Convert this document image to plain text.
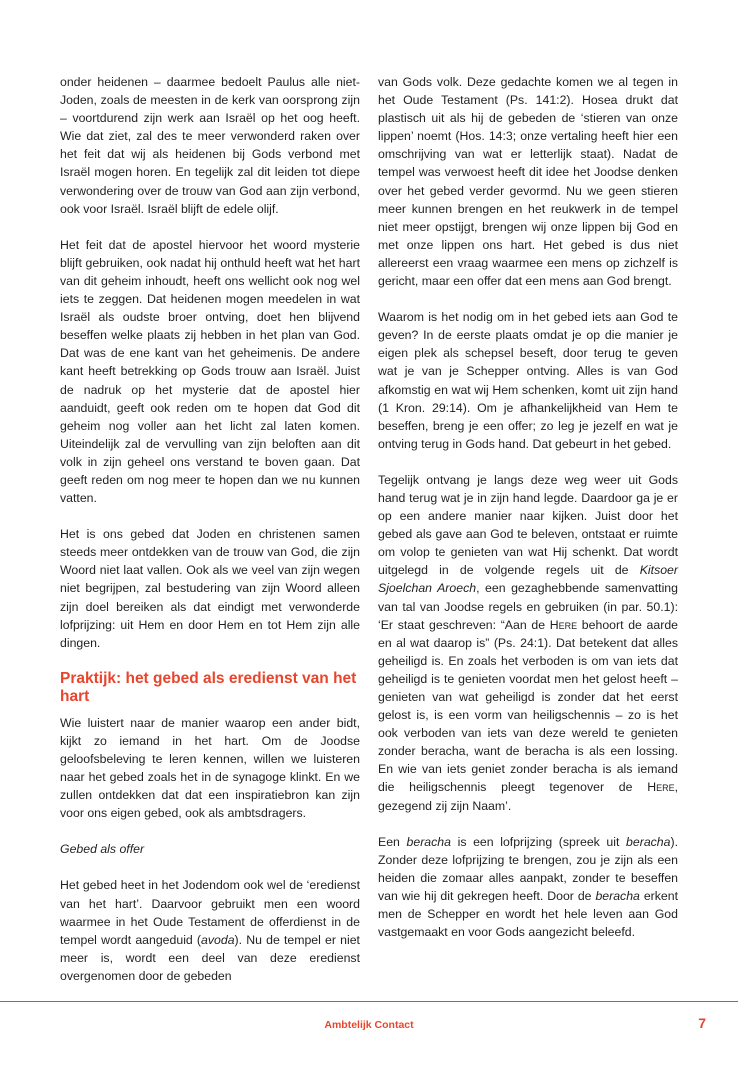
onder heidenen – daarmee bedoelt Paulus alle niet-Joden, zoals de meesten in de kerk van oorsprong zijn – voortdurend zijn werk aan Israël op het oog heeft. Wie dat ziet, zal des te meer verwonderd raken over het feit dat wij als heidenen bij Gods verbond met Israël mogen horen. En tegelijk zal dit leiden tot diepe verwondering over de trouw van God aan zijn verbond, ook voor Israël. Israël blijft de edele olijf.

Het feit dat de apostel hiervoor het woord mysterie blijft gebruiken, ook nadat hij onthuld heeft wat het hart van dit geheim inhoudt, heeft ons wellicht ook nog wel iets te zeggen. Dat heidenen mogen meedelen in wat Israël als oudste broer ontving, doet hen blijvend beseffen welke plaats zij hebben in het plan van God. Dat was de ene kant van het geheimenis. De andere kant heeft betrekking op Gods trouw aan Israël. Juist de nadruk op het mysterie dat de apostel hier aanduidt, geeft ook reden om te hopen dat God dit geheim nog voller aan het licht zal laten komen. Uiteindelijk zal de vervulling van zijn beloften aan dit volk in zijn geheel ons verstand te boven gaan. Dat geeft reden om nog meer te hopen dan we nu kunnen vatten.

Het is ons gebed dat Joden en christenen samen steeds meer ontdekken van de trouw van God, die zijn Woord niet laat vallen. Ook als we veel van zijn wegen niet begrijpen, zal bestudering van zijn Woord alleen zijn doel bereiken als dat eindigt met verwonderde lofprijzing: uit Hem en door Hem en tot Hem zijn alle dingen.

Praktijk: het gebed als eredienst van het hart

Wie luistert naar de manier waarop een ander bidt, kijkt zo iemand in het hart. Om de Joodse geloofsbeleving te leren kennen, willen we luisteren naar het gebed zoals het in de synagoge klinkt. En we zullen ontdekken dat dat een inspiratiebron kan zijn voor ons eigen gebed, ook als ambtsdragers.

Gebed als offer

Het gebed heet in het Jodendom ook wel de ‘eredienst van het hart’. Daarvoor gebruikt men een woord waarmee in het Oude Testament de offerdienst in de tempel wordt aangeduid (avoda). Nu de tempel er niet meer is, wordt een deel van deze eredienst overgenomen door de gebeden

van Gods volk. Deze gedachte komen we al tegen in het Oude Testament (Ps. 141:2). Hosea drukt dat plastisch uit als hij de gebeden de ‘stieren van onze lippen’ noemt (Hos. 14:3; onze vertaling heeft hier een omschrijving van wat er letterlijk staat). Nadat de tempel was verwoest heeft dit idee het Joodse denken over het gebed verder gevormd. Nu we geen stieren meer kunnen brengen en het reukwerk in de tempel niet meer opstijgt, brengen wij onze lippen bij God en met onze lippen ons hart. Het gebed is dus niet allereerst een vraag waarmee een mens op zichzelf is gericht, maar een offer dat een mens aan God brengt.

Waarom is het nodig om in het gebed iets aan God te geven? In de eerste plaats omdat je op die manier je eigen plek als schepsel beseft, door terug te geven wat je van je Schepper ontving. Alles is van God afkomstig en wat wij Hem schenken, komt uit zijn hand (1 Kron. 29:14). Om je afhankelijkheid van Hem te beseffen, breng je een offer; zo leg je jezelf en wat je ontving terug in Gods hand. Dat gebeurt in het gebed.

Tegelijk ontvang je langs deze weg weer uit Gods hand terug wat je in zijn hand legde. Daardoor ga je er op een andere manier naar kijken. Juist door het gebed als gave aan God te beleven, ontstaat er ruimte om volop te genieten van wat Hij schenkt. Dat wordt uitgelegd in de volgende regels uit de Kitsoer Sjoelchan Aroech, een gezaghebbende samenvatting van tal van Joodse regels en gebruiken (in par. 50.1): ‘Er staat geschreven: “Aan de Here behoort de aarde en al wat daarop is” (Ps. 24:1). Dat betekent dat alles geheiligd is. En zoals het verboden is om van iets dat geheiligd is te genieten voordat men het gelost heeft – genieten van wat geheiligd is zonder dat het eerst gelost is, is een vorm van heiligschennis – zo is het ook verboden van iets van deze wereld te genieten zonder beracha, want de beracha is als een lossing. En wie van iets geniet zonder beracha is als iemand die heiligschennis pleegt tegenover de Here, gezegend zij zijn Naam’.

Een beracha is een lofprijzing (spreek uit beracha). Zonder deze lofprijzing te brengen, zou je zijn als een heiden die zomaar alles aanpakt, zonder te beseffen van wie hij dit gekregen heeft. Door de beracha erkent men de Schepper en wordt het hele leven aan God vastgemaakt en voor Gods aangezicht beleefd.

Ambtelijk Contact	7
